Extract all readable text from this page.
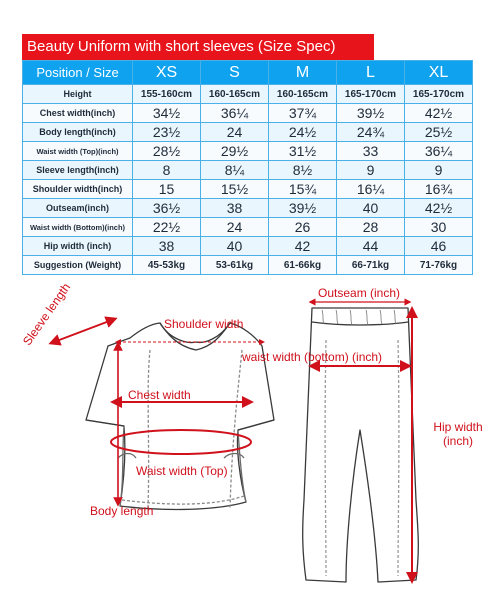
Beauty Uniform with short sleeves (Size Spec)
Position / Size	XS	S	M	L	XL
Height	155-160cm	160-165cm	160-165cm	165-170cm	165-170cm
Chest width(inch)	34½	36¼	37¾	39½	42½
Body length(inch)	23½	24	24½	24¾	25½
Waist width (Top)(inch)	28½	29½	31½	33	36¼
Sleeve length(inch)	8	8¼	8½	9	9
Shoulder width(inch)	15	15½	15¾	16¼	16¾
Outseam(inch)	36½	38	39½	40	42½
Waist width (Bottom)(inch)	22½	24	26	28	30
Hip width (inch)	38	40	42	44	46
Suggestion (Weight)	45-53kg	53-61kg	61-66kg	66-71kg	71-76kg
Sleeve length	Shoulder width
Chest width
Waist width (Top)
Body length
Outseam (inch)
waist width (bottom) (inch)
Hip width (inch)
